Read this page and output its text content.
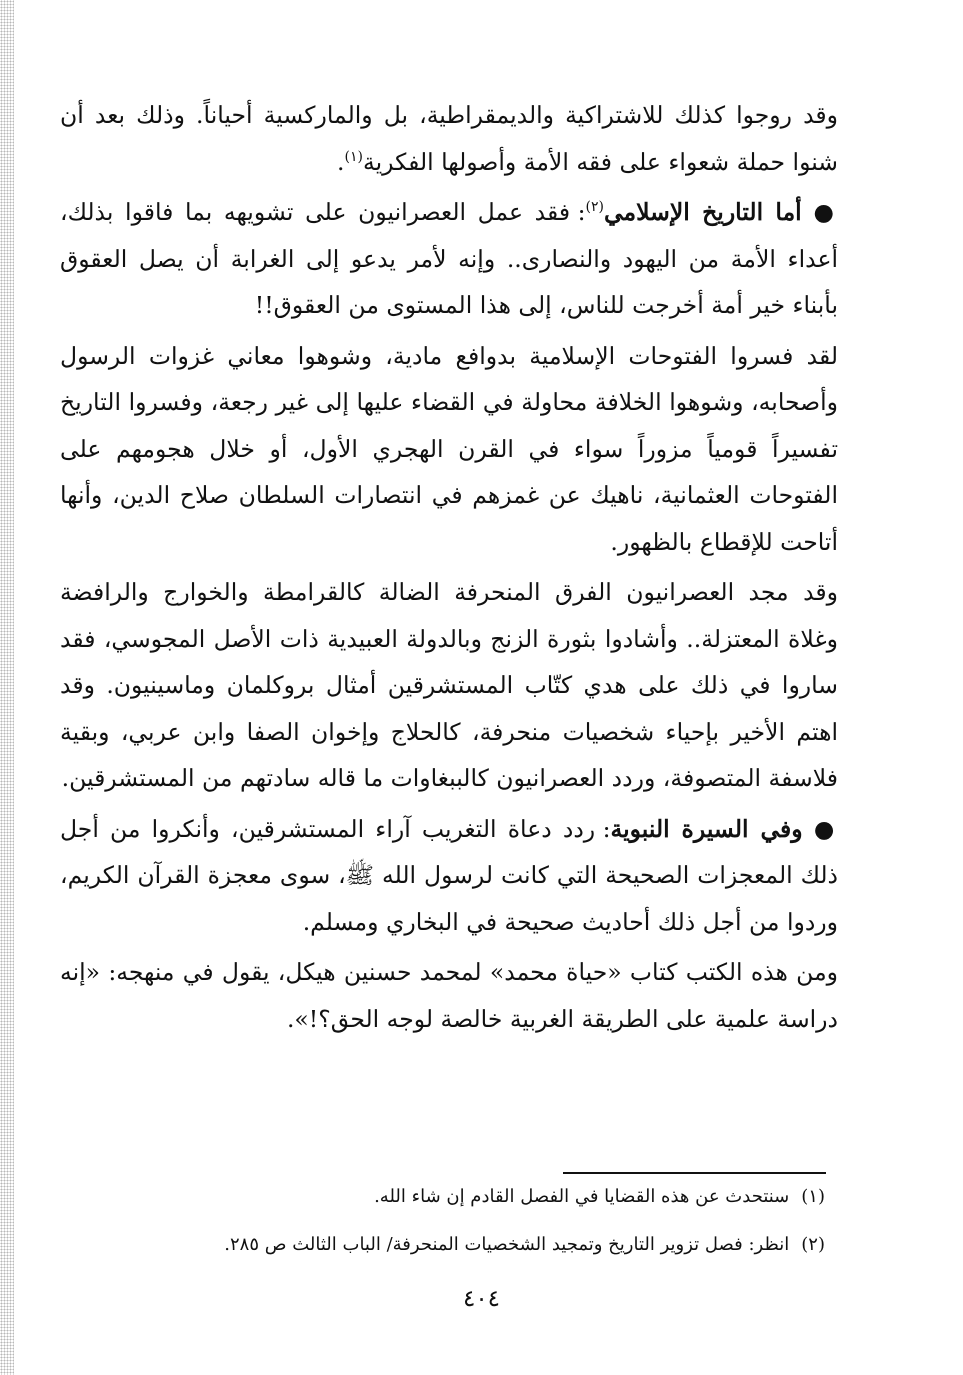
وقد روجوا كذلك للاشتراكية والديمقراطية، بل والماركسية أحياناً. وذلك بعد أن شنوا حملة شعواء على فقه الأمة وأصولها الفكرية$^{(١)}$.

● أما التاريخ الإسلامي$^{(٢)}$: فقد عمل العصرانيون على تشويهه بما فاقوا بذلك، أعداء الأمة من اليهود والنصارى.. وإنه لأمر يدعو إلى الغرابة أن يصل العقوق بأبناء خير أمة أخرجت للناس، إلى هذا المستوى من العقوق!!

لقد فسروا الفتوحات الإسلامية بدوافع مادية، وشوهوا معاني غزوات الرسول وأصحابه، وشوهوا الخلافة محاولة في القضاء عليها إلى غير رجعة، وفسروا التاريخ تفسيراً قومياً مزوراً سواء في القرن الهجري الأول، أو خلال هجومهم على الفتوحات العثمانية، ناهيك عن غمزهم في انتصارات السلطان صلاح الدين، وأنها أتاحت للإقطاع بالظهور.

وقد مجد العصرانيون الفرق المنحرفة الضالة كالقرامطة والخوارج والرافضة وغلاة المعتزلة.. وأشادوا بثورة الزنج وبالدولة العبيدية ذات الأصل المجوسي، فقد ساروا في ذلك على هدي كتّاب المستشرقين أمثال بروكلمان وماسينيون. وقد اهتم الأخير بإحياء شخصيات منحرفة، كالحلاج وإخوان الصفا وابن عربي، وبقية فلاسفة المتصوفة، وردد العصرانيون كالببغاوات ما قاله سادتهم من المستشرقين.

● وفي السيرة النبوية: ردد دعاة التغريب آراء المستشرقين، وأنكروا من أجل ذلك المعجزات الصحيحة التي كانت لرسول الله ﷺ، سوى معجزة القرآن الكريم، وردوا من أجل ذلك أحاديث صحيحة في البخاري ومسلم.

ومن هذه الكتب كتاب «حياة محمد» لمحمد حسنين هيكل، يقول في منهجه: «إنه دراسة علمية على الطريقة الغربية خالصة لوجه الحق؟!».

(١)سنتحدث عن هذه القضايا في الفصل القادم إن شاء الله.

(٢)انظر: فصل تزوير التاريخ وتمجيد الشخصيات المنحرفة/ الباب الثالث ص ٢٨٥.

٤٠٤
